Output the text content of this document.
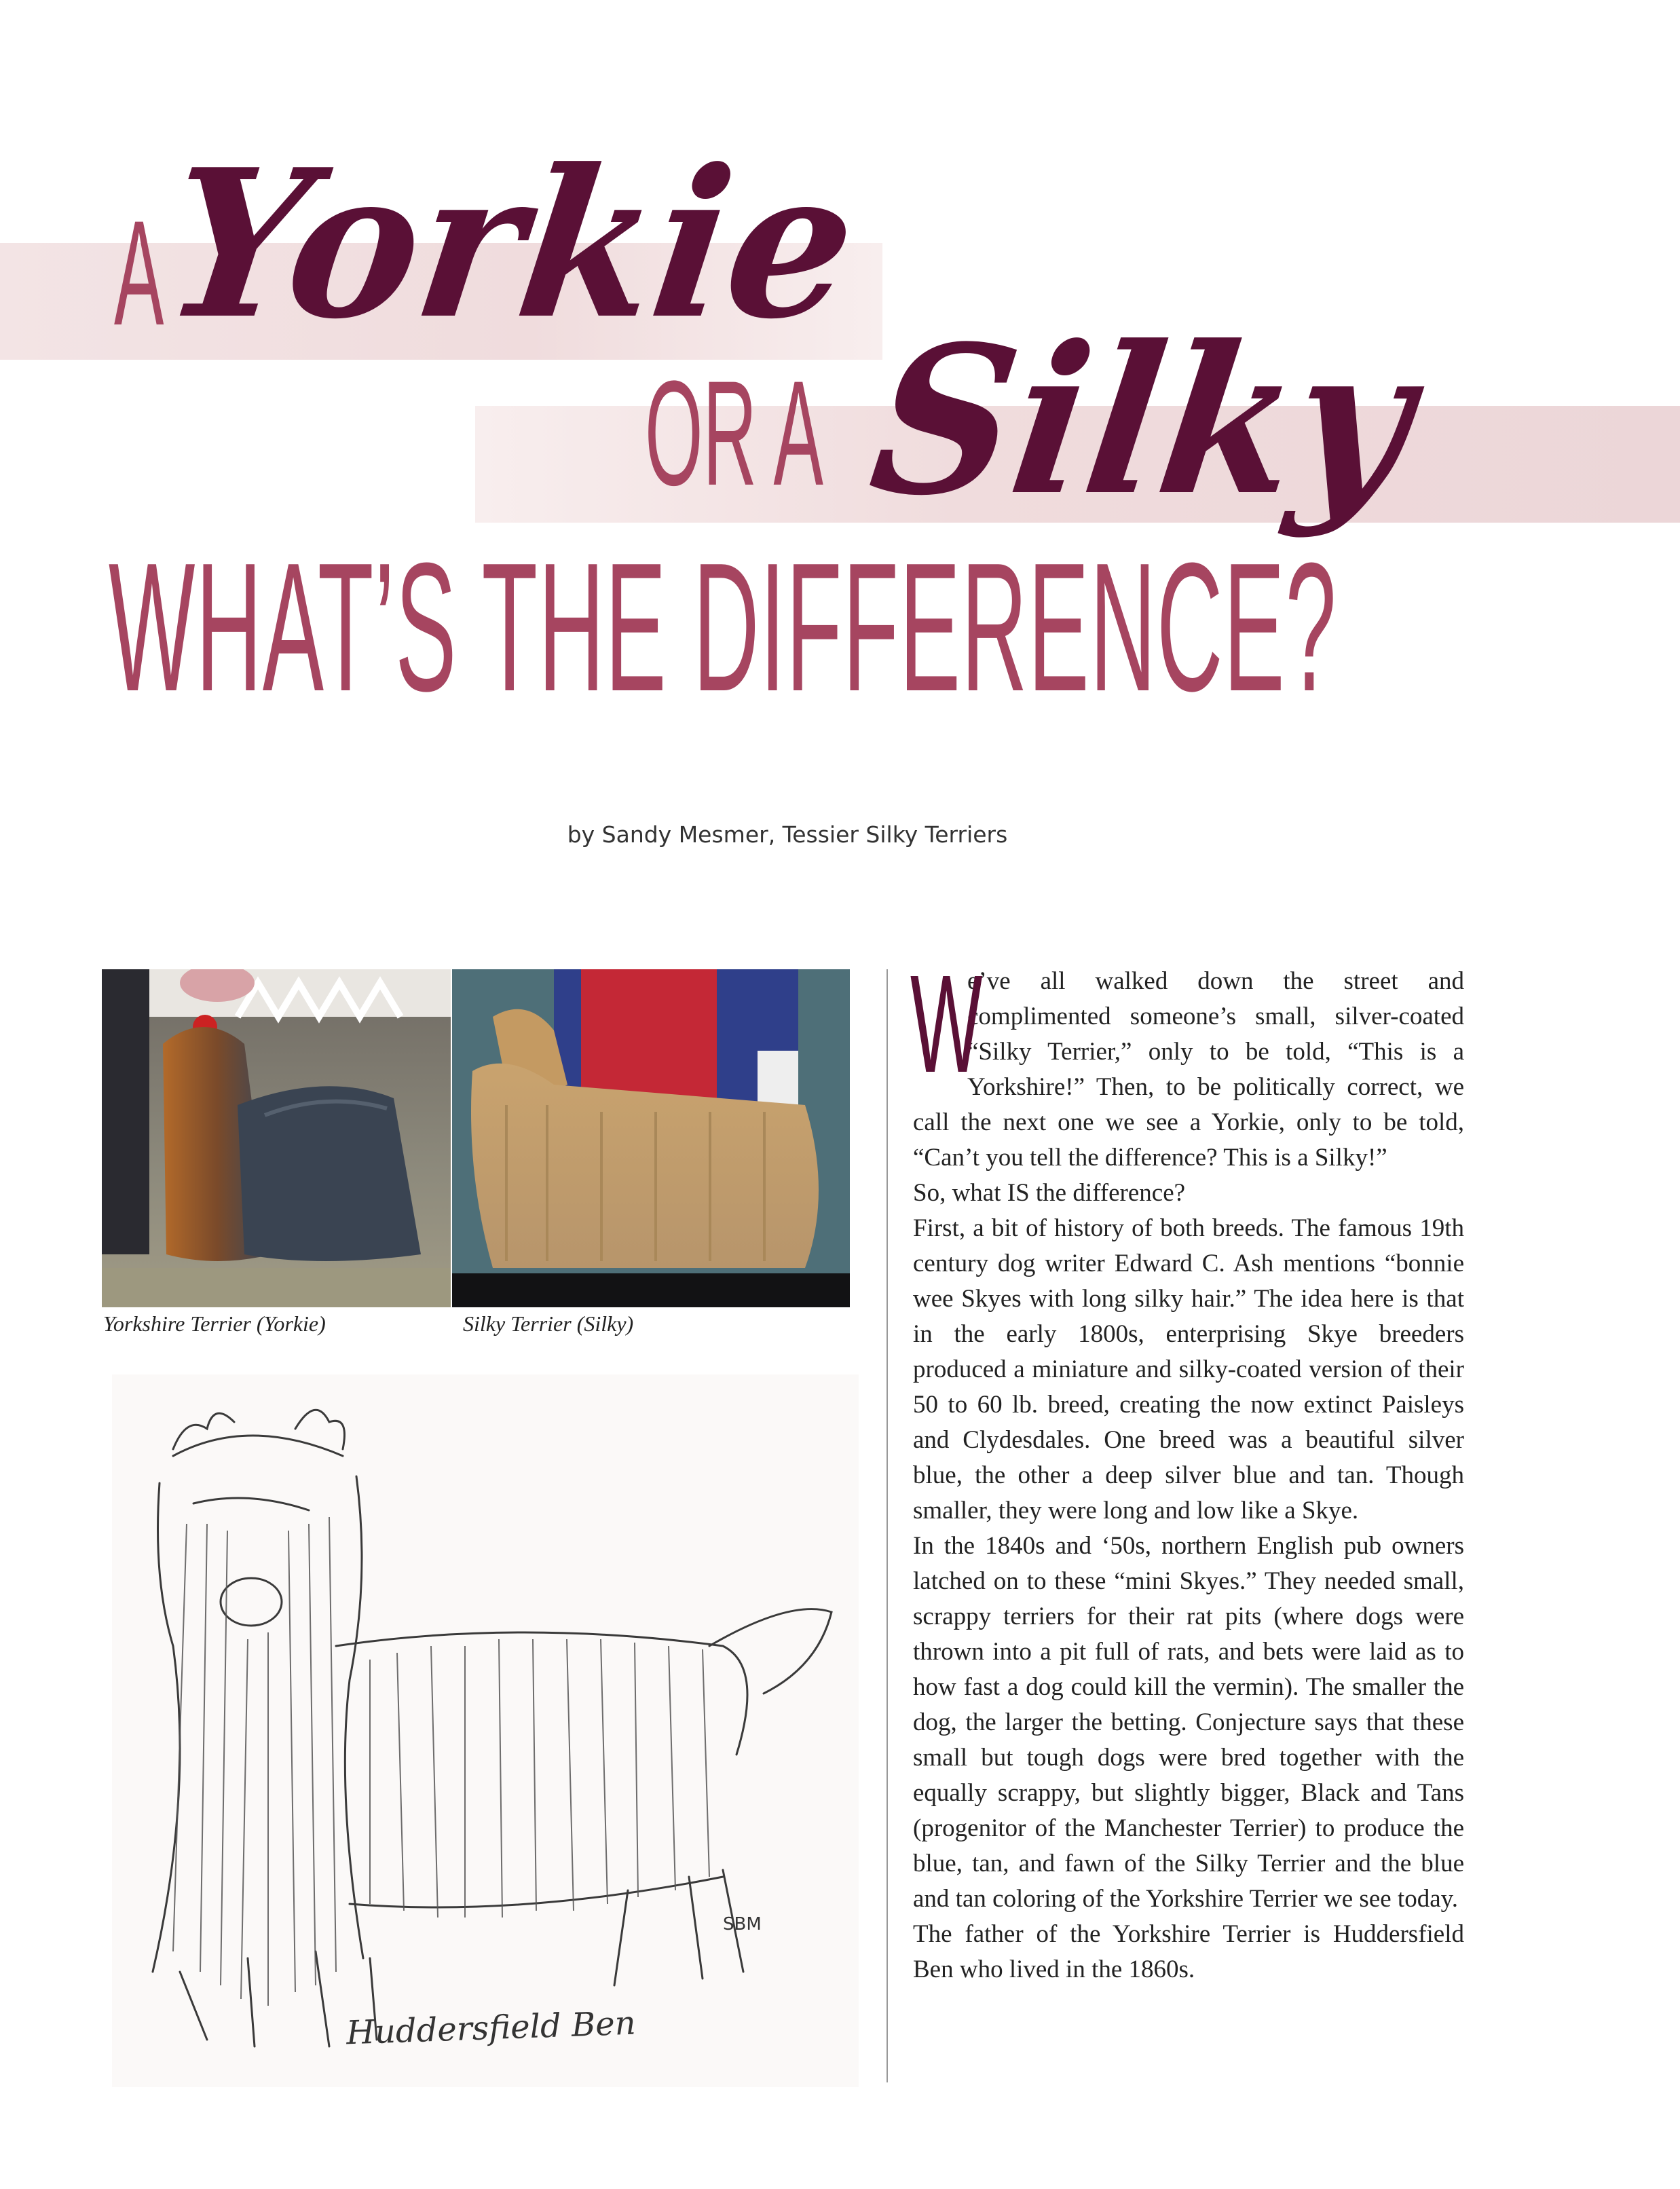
A
Yorkie
OR A Silky
WHAT’S THE DIFFERENCE?
by Sandy Mesmer, Tessier Silky Terriers
Yorkshire Terrier (Yorkie)	Silky Terrier (Silky)
SBM
Huddersfield Ben

W
e’ve all walked down the street and complimented someone’s small, silver-coated “Silky Terrier,” only to be told, “This is a Yorkshire!” Then, to be politically correct, we call the next one we see a Yorkie, only to be told, “Can’t you tell the difference? This is a Silky!”

So, what IS the difference?

First, a bit of history of both breeds. The famous 19th century dog writer Edward C. Ash mentions “bonnie wee Skyes with long silky hair.” The idea here is that in the early 1800s, enterprising Skye breeders produced a miniature and silky-coated version of their 50 to 60 lb. breed, creating the now extinct Paisleys and Clydesdales. One breed was a beautiful silver blue, the other a deep silver blue and tan. Though smaller, they were long and low like a Skye.

In the 1840s and ‘50s, northern English pub owners latched on to these “mini Skyes.” They needed small, scrappy terriers for their rat pits (where dogs were thrown into a pit full of rats, and bets were laid as to how fast a dog could kill the vermin). The smaller the dog, the larger the betting. Conjecture says that these small but tough dogs were bred together with the equally scrappy, but slightly bigger, Black and Tans (progenitor of the Manchester Terrier) to produce the blue, tan, and fawn of the Silky Terrier and the blue and tan coloring of the Yorkshire Terrier we see today.

The father of the Yorkshire Terrier is Huddersfield Ben who lived in the 1860s.
